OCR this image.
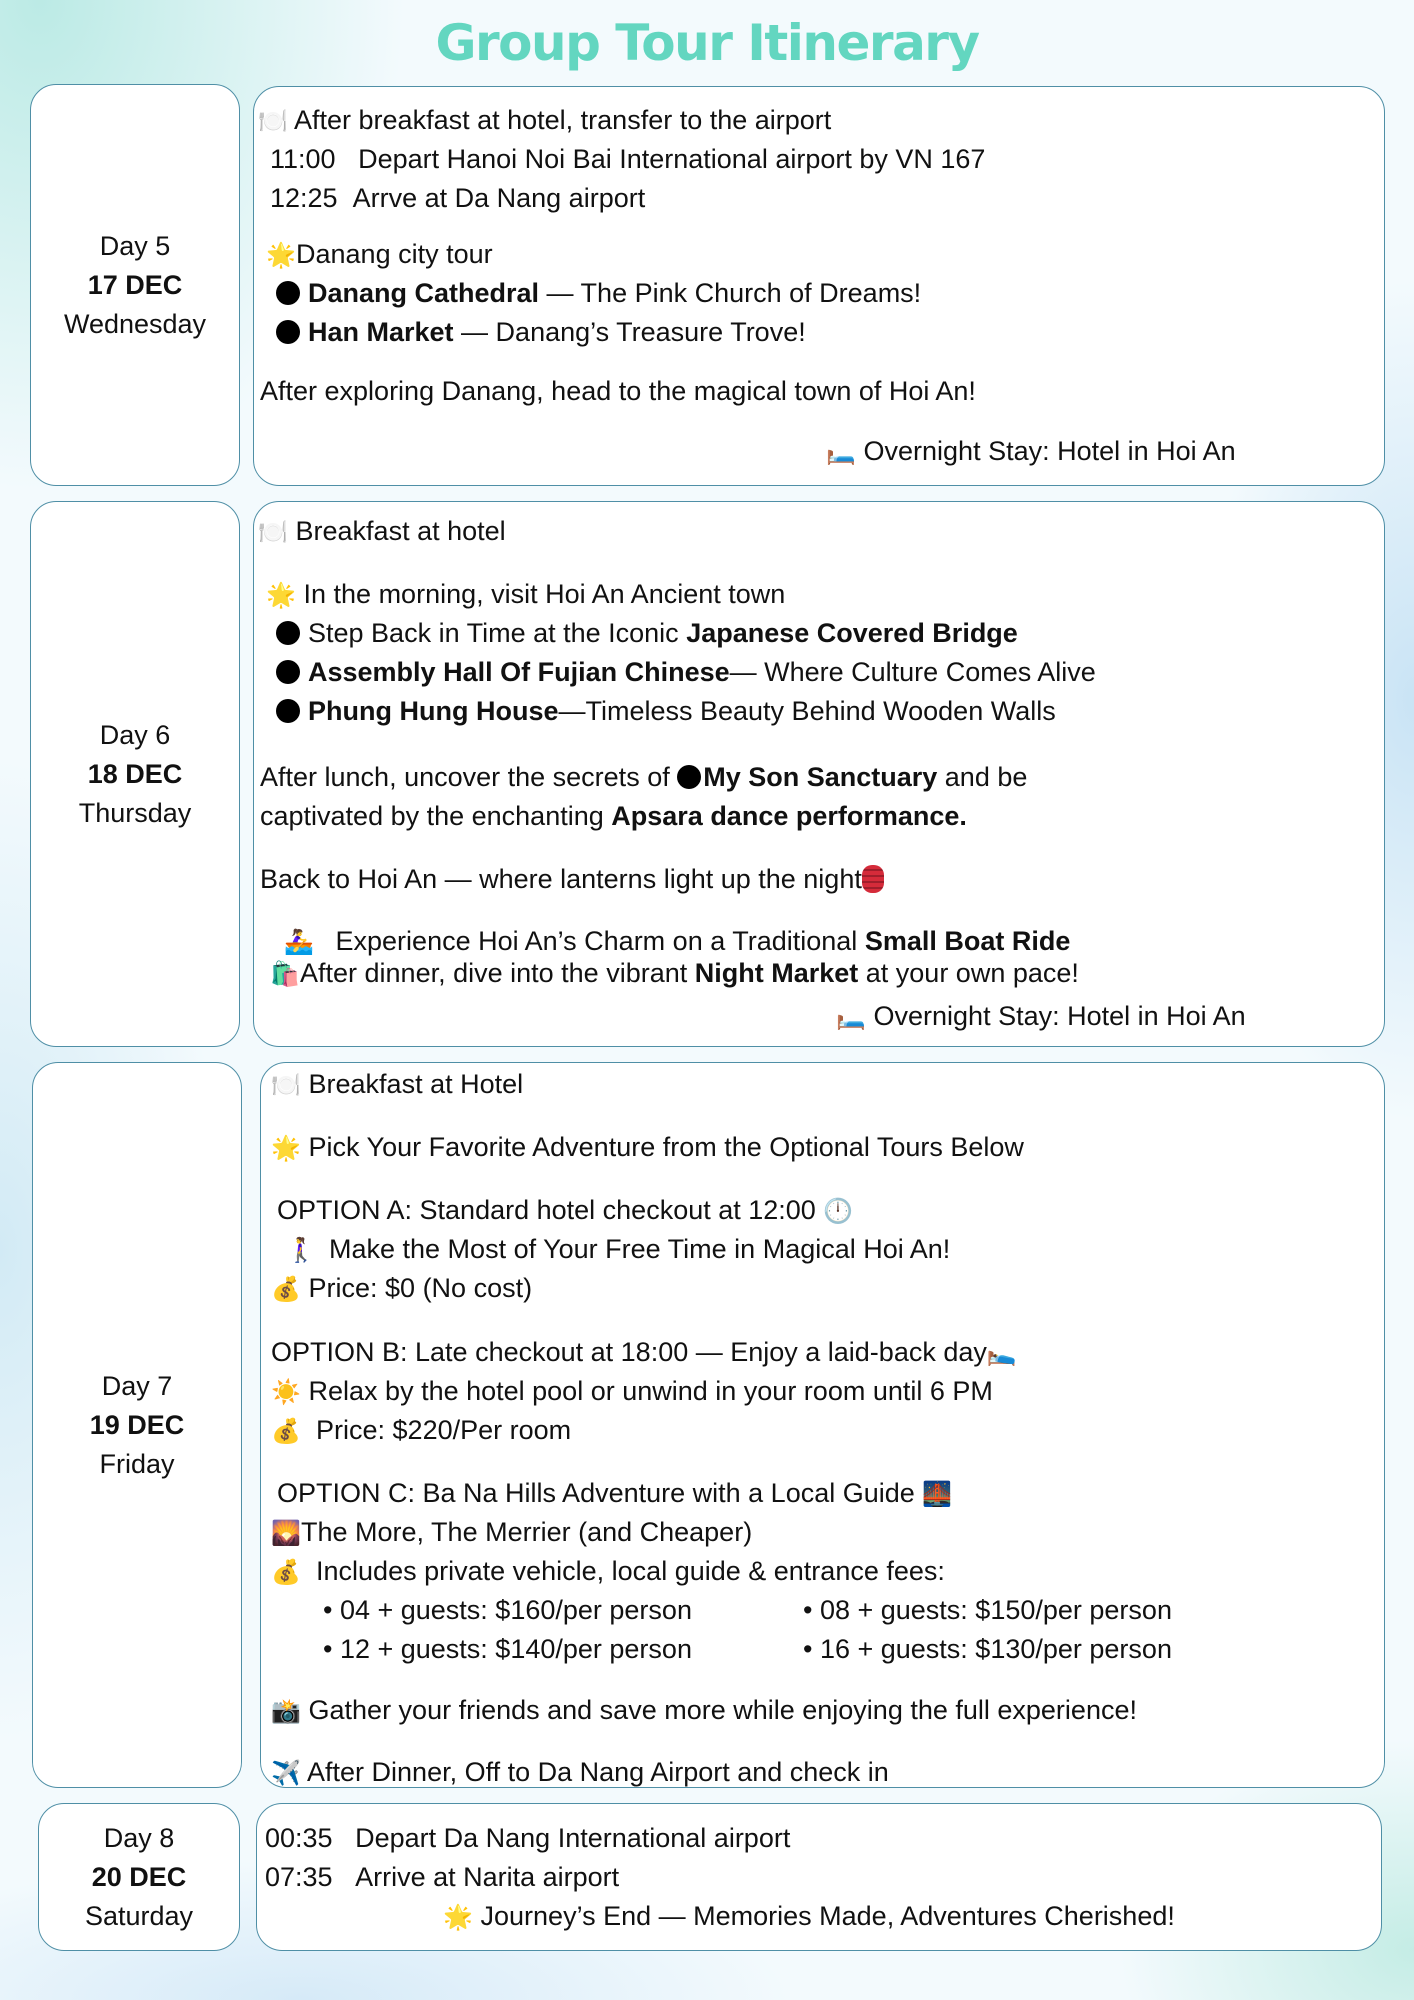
Group Tour Itinerary
Day 5
17 DEC
Wednesday
🍽️ After breakfast at hotel, transfer to the airport
11:00 Depart Hanoi Noi Bai International airport by VN 167
12:25 Arrve at Da Nang airport
🌟Danang city tour
Danang Cathedral — The Pink Church of Dreams!
Han Market — Danang’s Treasure Trove!
After exploring Danang, head to the magical town of Hoi An!
🛏️ Overnight Stay: Hotel in Hoi An
Day 6
18 DEC
Thursday
🍽️ Breakfast at hotel
🌟 In the morning, visit Hoi An Ancient town
Step Back in Time at the Iconic Japanese Covered Bridge
Assembly Hall Of Fujian Chinese— Where Culture Comes Alive
Phung Hung House—Timeless Beauty Behind Wooden Walls
After lunch, uncover the secrets of My Son Sanctuary and be
captivated by the enchanting Apsara dance performance.
Back to Hoi An — where lanterns light up the night
🚣‍♀️ Experience Hoi An’s Charm on a Traditional Small Boat Ride
🛍️After dinner, dive into the vibrant Night Market at your own pace!
🛏️ Overnight Stay: Hotel in Hoi An
Day 7
19 DEC
Friday
🍽️ Breakfast at Hotel
🌟 Pick Your Favorite Adventure from the Optional Tours Below
OPTION A: Standard hotel checkout at 12:00 🕛
🚶‍♀️ Make the Most of Your Free Time in Magical Hoi An!
💰 Price: $0 (No cost)
OPTION B: Late checkout at 18:00 — Enjoy a laid-back day🛌
☀️ Relax by the hotel pool or unwind in your room until 6 PM
💰 Price: $220/Per room
OPTION C: Ba Na Hills Adventure with a Local Guide 🌉
🌄The More, The Merrier (and Cheaper)
💰 Includes private vehicle, local guide & entrance fees:
• 04 + guests: $160/per person	• 08 + guests: $150/per person
• 12 + guests: $140/per person	• 16 + guests: $130/per person
📸 Gather your friends and save more while enjoying the full experience!
✈️ After Dinner, Off to Da Nang Airport and check in
Day 8
20 DEC
Saturday
00:35 Depart Da Nang International airport
07:35 Arrive at Narita airport
🌟 Journey’s End — Memories Made, Adventures Cherished!
